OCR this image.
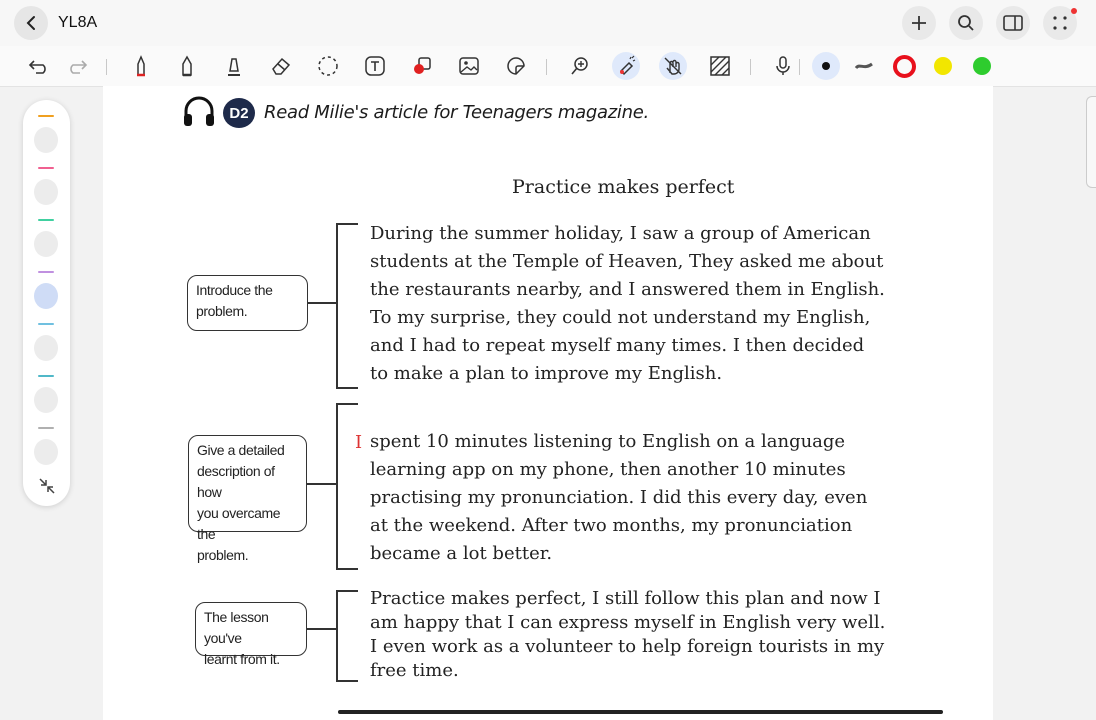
YL8A
D2 Read Milie's article for Teenagers magazine.
Practice makes perfect
Introduce the
problem.
During the summer holiday, I saw a group of American
students at the Temple of Heaven, They asked me about
the restaurants nearby, and I answered them in English.
To my surprise, they could not understand my English,
and I had to repeat myself many times. I then decided
to make a plan to improve my English.
Give a detailed
description of how
you overcame the
problem.
I spent 10 minutes listening to English on a language
learning app on my phone, then another 10 minutes
practising my pronunciation. I did this every day, even
at the weekend. After two months, my pronunciation
became a lot better.
The lesson you've
learnt from it.
Practice makes perfect, I still follow this plan and now I
am happy that I can express myself in English very well.
I even work as a volunteer to help foreign tourists in my
free time.
